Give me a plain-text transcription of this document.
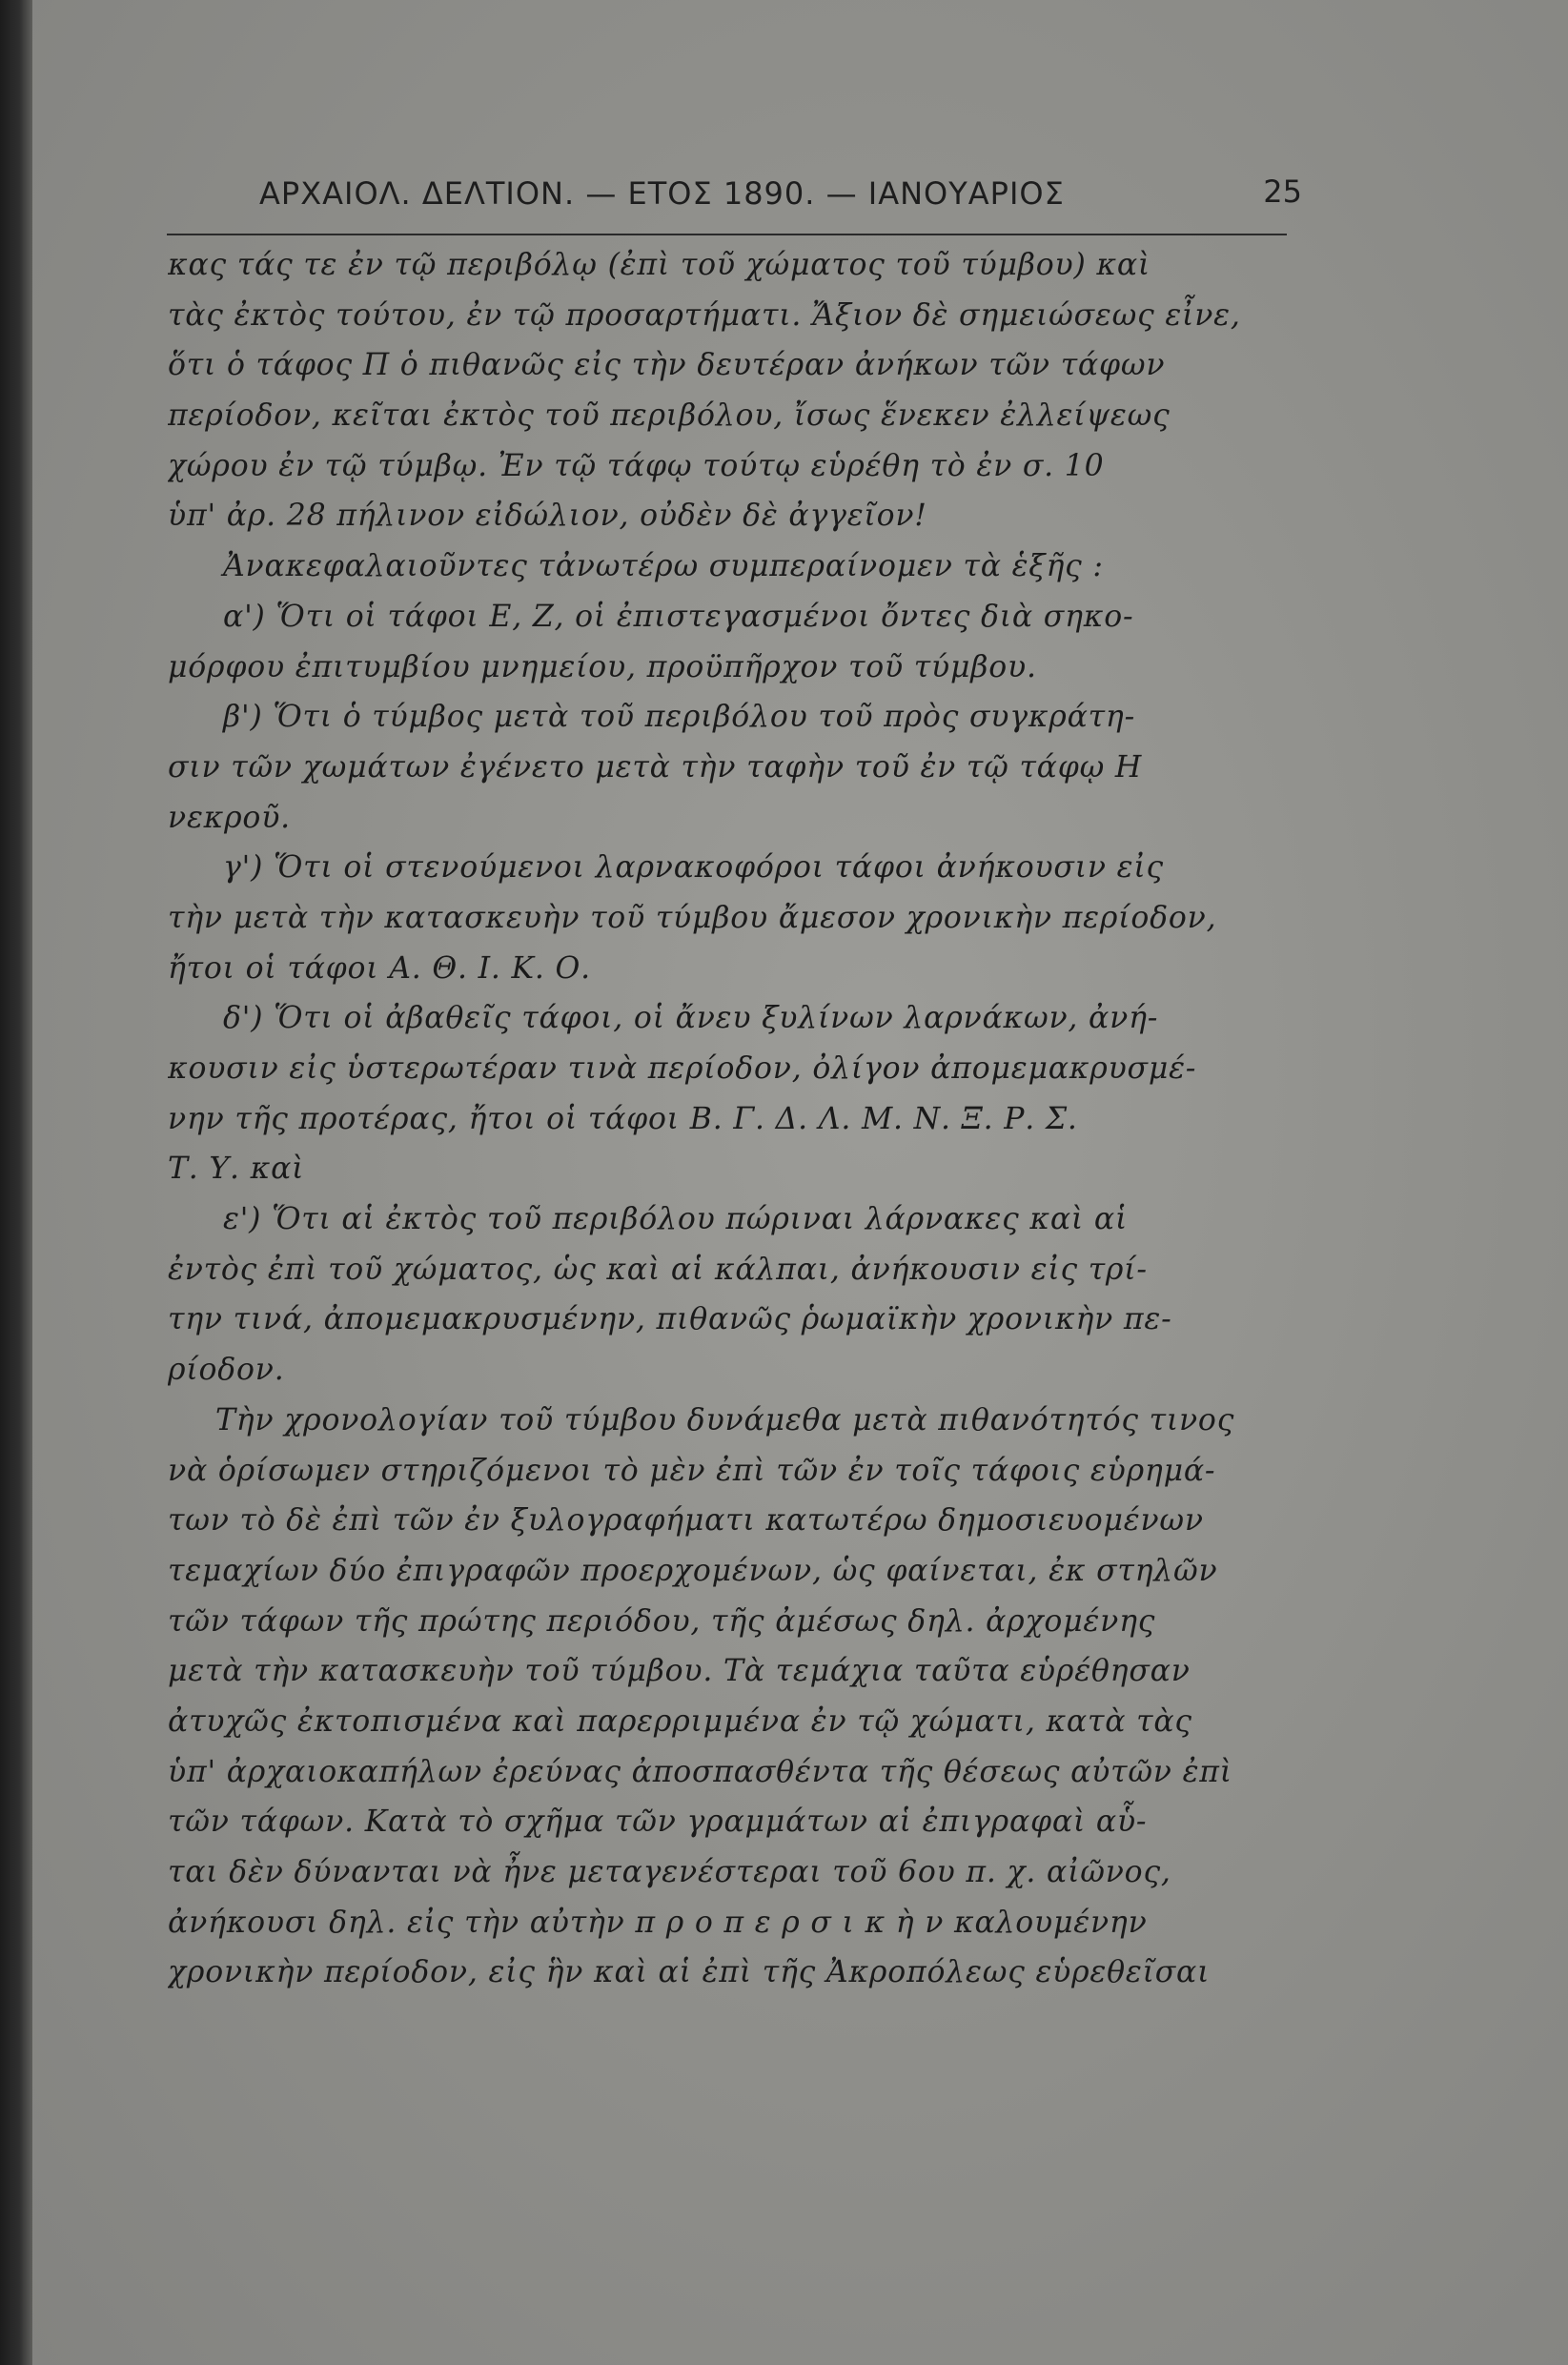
ΑΡΧΑΙΟΛ. ΔΕΛΤΙΟΝ. — ΕΤΟΣ 1890. — ΙΑΝΟΥΑΡΙΟΣ	25
κας τάς τε ἐν τῷ περιβόλῳ (ἐπὶ τοῦ χώματος τοῦ τύμβου) καὶ
τὰς ἐκτὸς τούτου, ἐν τῷ προσαρτήματι. Ἄξιον δὲ σημειώσεως εἶνε,
ὅτι ὁ τάφος Π ὁ πιθανῶς εἰς τὴν δευτέραν ἀνήκων τῶν τάφων
περίοδον, κεῖται ἐκτὸς τοῦ περιβόλου, ἴσως ἕνεκεν ἐλλείψεως
χώρου ἐν τῷ τύμβῳ. Ἐν τῷ τάφῳ τούτῳ εὑρέθη τὸ ἐν σ. 10
ὑπ' ἀρ. 28 πήλινον εἰδώλιον, οὐδὲν δὲ ἀγγεῖον!
Ἀνακεφαλαιοῦντες τἀνωτέρω συμπεραίνομεν τὰ ἑξῆς :
α') Ὅτι οἱ τάφοι Ε, Ζ, οἱ ἐπιστεγασμένοι ὄντες διὰ σηκο-
μόρφου ἐπιτυμβίου μνημείου, προϋπῆρχον τοῦ τύμβου.
β') Ὅτι ὁ τύμβος μετὰ τοῦ περιβόλου τοῦ πρὸς συγκράτη-
σιν τῶν χωμάτων ἐγένετο μετὰ τὴν ταφὴν τοῦ ἐν τῷ τάφῳ Η
νεκροῦ.
γ') Ὅτι οἱ στενούμενοι λαρνακοφόροι τάφοι ἀνήκουσιν εἰς
τὴν μετὰ τὴν κατασκευὴν τοῦ τύμβου ἄμεσον χρονικὴν περίοδον,
ἤτοι οἱ τάφοι Α. Θ. Ι. Κ. Ο.
δ') Ὅτι οἱ ἀβαθεῖς τάφοι, οἱ ἄνευ ξυλίνων λαρνάκων, ἀνή-
κουσιν εἰς ὑστερωτέραν τινὰ περίοδον, ὀλίγον ἀπομεμακρυσμέ-
νην τῆς προτέρας, ἤτοι οἱ τάφοι Β. Γ. Δ. Λ. Μ. Ν. Ξ. Ρ. Σ.
Τ. Υ. καὶ
ε') Ὅτι αἱ ἐκτὸς τοῦ περιβόλου πώριναι λάρνακες καὶ αἱ
ἐντὸς ἐπὶ τοῦ χώματος, ὡς καὶ αἱ κάλπαι, ἀνήκουσιν εἰς τρί-
την τινά, ἀπομεμακρυσμένην, πιθανῶς ῥωμαϊκὴν χρονικὴν πε-
ρίοδον.
Τὴν χρονολογίαν τοῦ τύμβου δυνάμεθα μετὰ πιθανότητός τινος
νὰ ὁρίσωμεν στηριζόμενοι τὸ μὲν ἐπὶ τῶν ἐν τοῖς τάφοις εὑρημά-
των τὸ δὲ ἐπὶ τῶν ἐν ξυλογραφήματι κατωτέρω δημοσιευομένων
τεμαχίων δύο ἐπιγραφῶν προερχομένων, ὡς φαίνεται, ἐκ στηλῶν
τῶν τάφων τῆς πρώτης περιόδου, τῆς ἀμέσως δηλ. ἀρχομένης
μετὰ τὴν κατασκευὴν τοῦ τύμβου. Τὰ τεμάχια ταῦτα εὑρέθησαν
ἀτυχῶς ἐκτοπισμένα καὶ παρερριμμένα ἐν τῷ χώματι, κατὰ τὰς
ὑπ' ἀρχαιοκαπήλων ἐρεύνας ἀποσπασθέντα τῆς θέσεως αὐτῶν ἐπὶ
τῶν τάφων. Κατὰ τὸ σχῆμα τῶν γραμμάτων αἱ ἐπιγραφαὶ αὗ-
ται δὲν δύνανται νὰ ἦνε μεταγενέστεραι τοῦ 6ου π. χ. αἰῶνος,
ἀνήκουσι δηλ. εἰς τὴν αὐτὴν π ρ ο π ε ρ σ ι κ ὴ ν καλουμένην
χρονικὴν περίοδον, εἰς ἣν καὶ αἱ ἐπὶ τῆς Ἀκροπόλεως εὑρεθεῖσαι
